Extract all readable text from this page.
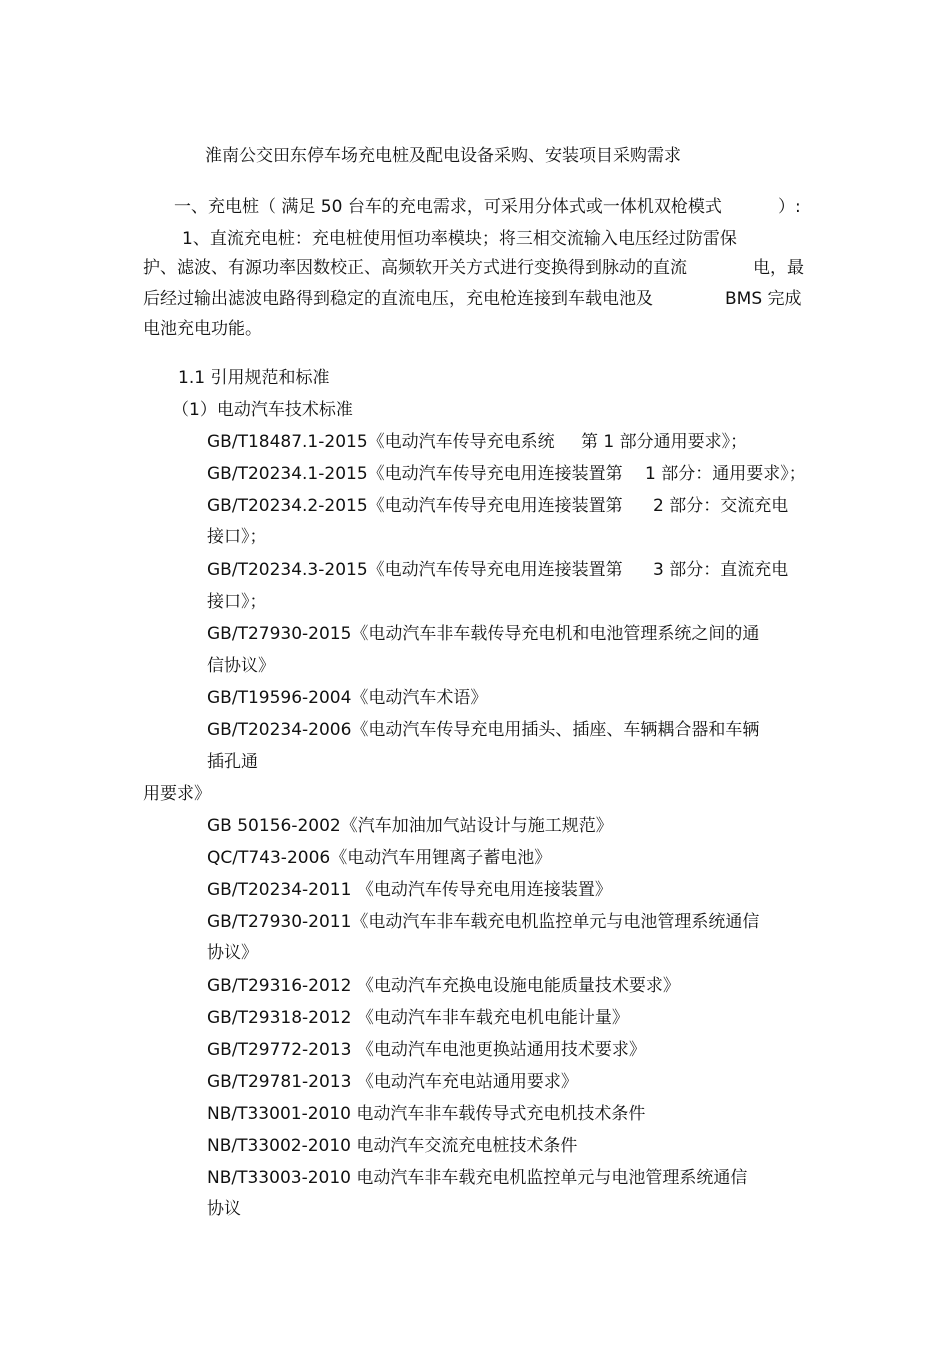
淮南公交田东停车场充电桩及配电设备采购、安装项目采购需求
一、充电桩（ 满足 50 台车的充电需求，可采用分体式或一体机双枪模式	）:
1、直流充电桩：充电桩使用恒功率模块；将三相交流输入电压经过防雷保
护、滤波、有源功率因数校正、高频软开关方式进行变换得到脉动的直流	电，最
后经过输出滤波电路得到稳定的直流电压，充电枪连接到车载电池及	BMS 完成
电池充电功能。
1.1 引用规范和标准
（1）电动汽车技术标准
GB/T18487.1-2015《电动汽车传导充电系统 第 1 部分通用要求》；
GB/T20234.1-2015《电动汽车传导充电用连接装置第 1 部分：通用要求》；
GB/T20234.2-2015《电动汽车传导充电用连接装置第 2 部分：交流充电
接口》；
GB/T20234.3-2015《电动汽车传导充电用连接装置第 3 部分：直流充电
接口》；
GB/T27930-2015《电动汽车非车载传导充电机和电池管理系统之间的通
信协议》
GB/T19596-2004《电动汽车术语》
GB/T20234-2006《电动汽车传导充电用插头、插座、车辆耦合器和车辆
插孔通
用要求》
GB 50156-2002《汽车加油加气站设计与施工规范》
QC/T743-2006《电动汽车用锂离子蓄电池》
GB/T20234-2011 《电动汽车传导充电用连接装置》
GB/T27930-2011《电动汽车非车载充电机监控单元与电池管理系统通信
协议》
GB/T29316-2012 《电动汽车充换电设施电能质量技术要求》
GB/T29318-2012 《电动汽车非车载充电机电能计量》
GB/T29772-2013 《电动汽车电池更换站通用技术要求》
GB/T29781-2013 《电动汽车充电站通用要求》
NB/T33001-2010 电动汽车非车载传导式充电机技术条件
NB/T33002-2010 电动汽车交流充电桩技术条件
NB/T33003-2010 电动汽车非车载充电机监控单元与电池管理系统通信
协议
